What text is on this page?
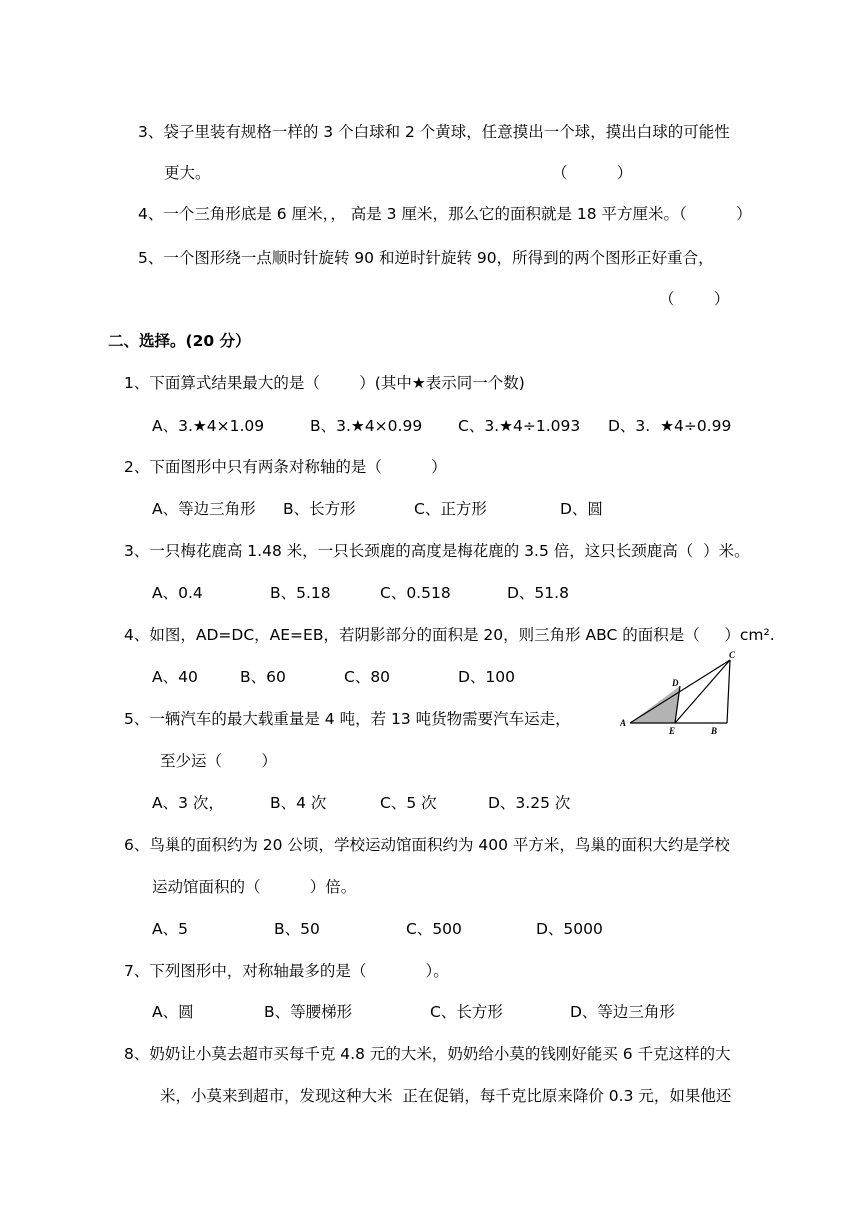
3、袋子里装有规格一样的 3 个白球和 2 个黄球，任意摸出一个球，摸出白球的可能性
更大。	（          ）
4、一个三角形底是 6 厘米，， 高是 3 厘米，那么它的面积就是 18 平方厘米。（          ）
5、一个图形绕一点顺时针旋转 90 和逆时针旋转 90，所得到的两个图形正好重合，
（        ）
二、选择。(20 分）
1、下面算式结果最大的是（        ）(其中★表示同一个数)
A、3.★4×1.09	B、3.★4×0.99 C、3.★4÷1.093 D、3.  ★4÷0.99
2、下面图形中只有两条对称轴的是（          ）
A、等边三角形 B、长方形	C、正方形	D、圆
3、一只梅花鹿高 1.48 米，一只长颈鹿的高度是梅花鹿的 3.5 倍，这只长颈鹿高（  ）米。
A、0.4	B、5.18	C、0.518	D、51.8
4、如图，AD=DC，AE=EB，若阴影部分的面积是 20，则三角形 ABC 的面积是（     ）cm².
A、40	B、60	C、80	D、100
A
B
C
D
E
5、一辆汽车的最大载重量是 4 吨，若 13 吨货物需要汽车运走，
至少运（        ）
A、3 次，	B、4 次	C、5 次	D、3.25 次
6、鸟巢的面积约为 20 公顷，学校运动馆面积约为 400 平方米，鸟巢的面积大约是学校
运动馆面积的（          ）倍。
A、5	B、50	C、500	D、5000
7、下列图形中，对称轴最多的是（            ）。
A、圆	B、等腰梯形	C、长方形	D、等边三角形
8、奶奶让小莫去超市买每千克 4.8 元的大米，奶奶给小莫的钱刚好能买 6 千克这样的大
米，小莫来到超市，发现这种大米  正在促销，每千克比原来降价 0.3 元，如果他还
